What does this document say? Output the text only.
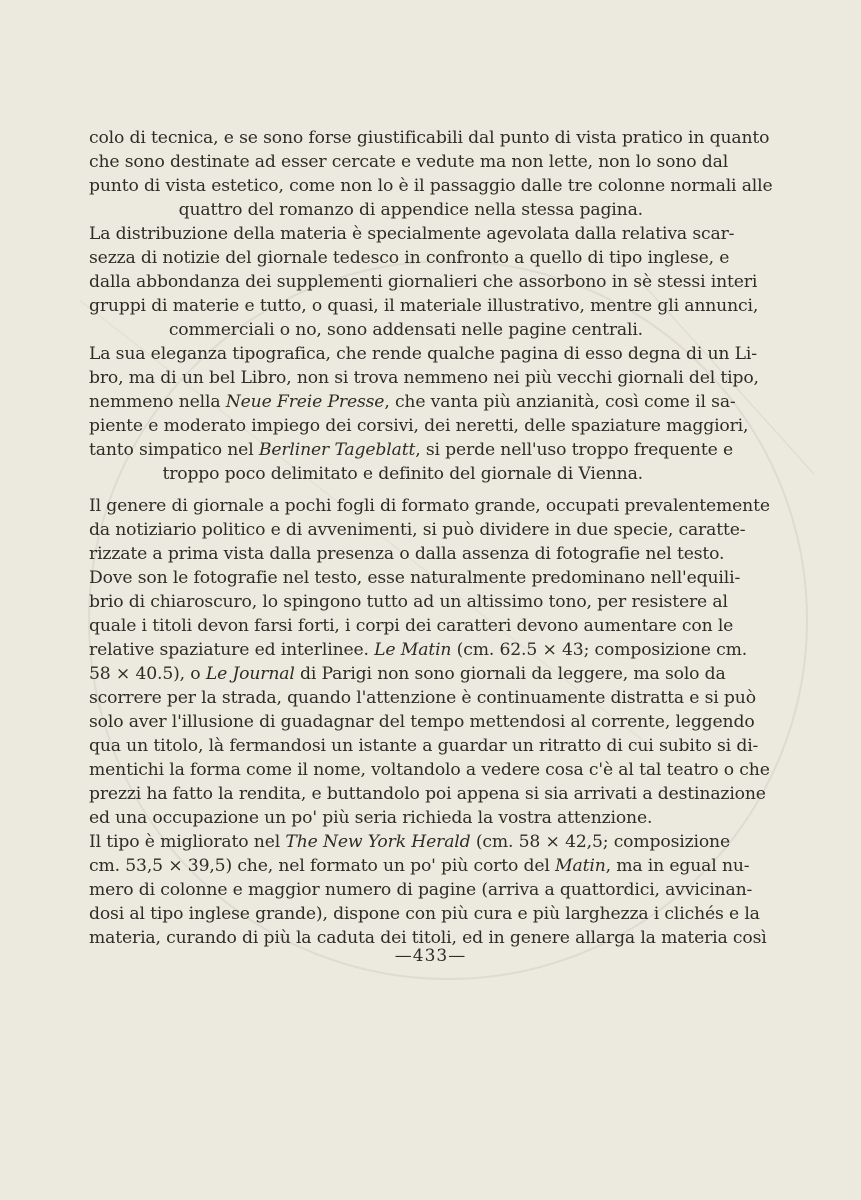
colo di tecnica, e se sono forse giustificabili dal punto di vista pratico in quanto
che sono destinate ad esser cercate e vedute ma non lette, non lo sono dal
punto di vista estetico, come non lo è il passaggio dalle tre colonne normali alle
quattro del romanzo di appendice nella stessa pagina.
La distribuzione della materia è specialmente agevolata dalla relativa scar-
sezza di notizie del giornale tedesco in confronto a quello di tipo inglese, e
dalla abbondanza dei supplementi giornalieri che assorbono in sè stessi interi
gruppi di materie e tutto, o quasi, il materiale illustrativo, mentre gli annunci,
commerciali o no, sono addensati nelle pagine centrali.
La sua eleganza tipografica, che rende qualche pagina di esso degna di un Li-
bro, ma di un bel Libro, non si trova nemmeno nei più vecchi giornali del tipo,
nemmeno nella Neue Freie Presse, che vanta più anzianità, così come il sa-
piente e moderato impiego dei corsivi, dei neretti, delle spaziature maggiori,
tanto simpatico nel Berliner Tageblatt, si perde nell'uso troppo frequente e
troppo poco delimitato e definito del giornale di Vienna.
Il genere di giornale a pochi fogli di formato grande, occupati prevalentemente
da notiziario politico e di avvenimenti, si può dividere in due specie, caratte-
rizzate a prima vista dalla presenza o dalla assenza di fotografie nel testo.
Dove son le fotografie nel testo, esse naturalmente predominano nell'equili-
brio di chiaroscuro, lo spingono tutto ad un altissimo tono, per resistere al
quale i titoli devon farsi forti, i corpi dei caratteri devono aumentare con le
relative spaziature ed interlinee. Le Matin (cm. 62.5 × 43; composizione cm.
58 × 40.5), o Le Journal di Parigi non sono giornali da leggere, ma solo da
scorrere per la strada, quando l'attenzione è continuamente distratta e si può
solo aver l'illusione di guadagnar del tempo mettendosi al corrente, leggendo
qua un titolo, là fermandosi un istante a guardar un ritratto di cui subito si di-
mentichi la forma come il nome, voltandolo a vedere cosa c'è al tal teatro o che
prezzi ha fatto la rendita, e buttandolo poi appena si sia arrivati a destinazione
ed una occupazione un po' più seria richieda la vostra attenzione.
Il tipo è migliorato nel The New York Herald (cm. 58 × 42,5; composizione
cm. 53,5 × 39,5) che, nel formato un po' più corto del Matin, ma in egual nu-
mero di colonne e maggior numero di pagine (arriva a quattordici, avvicinan-
dosi al tipo inglese grande), dispone con più cura e più larghezza i clichés e la
materia, curando di più la caduta dei titoli, ed in genere allarga la materia così
—433—
